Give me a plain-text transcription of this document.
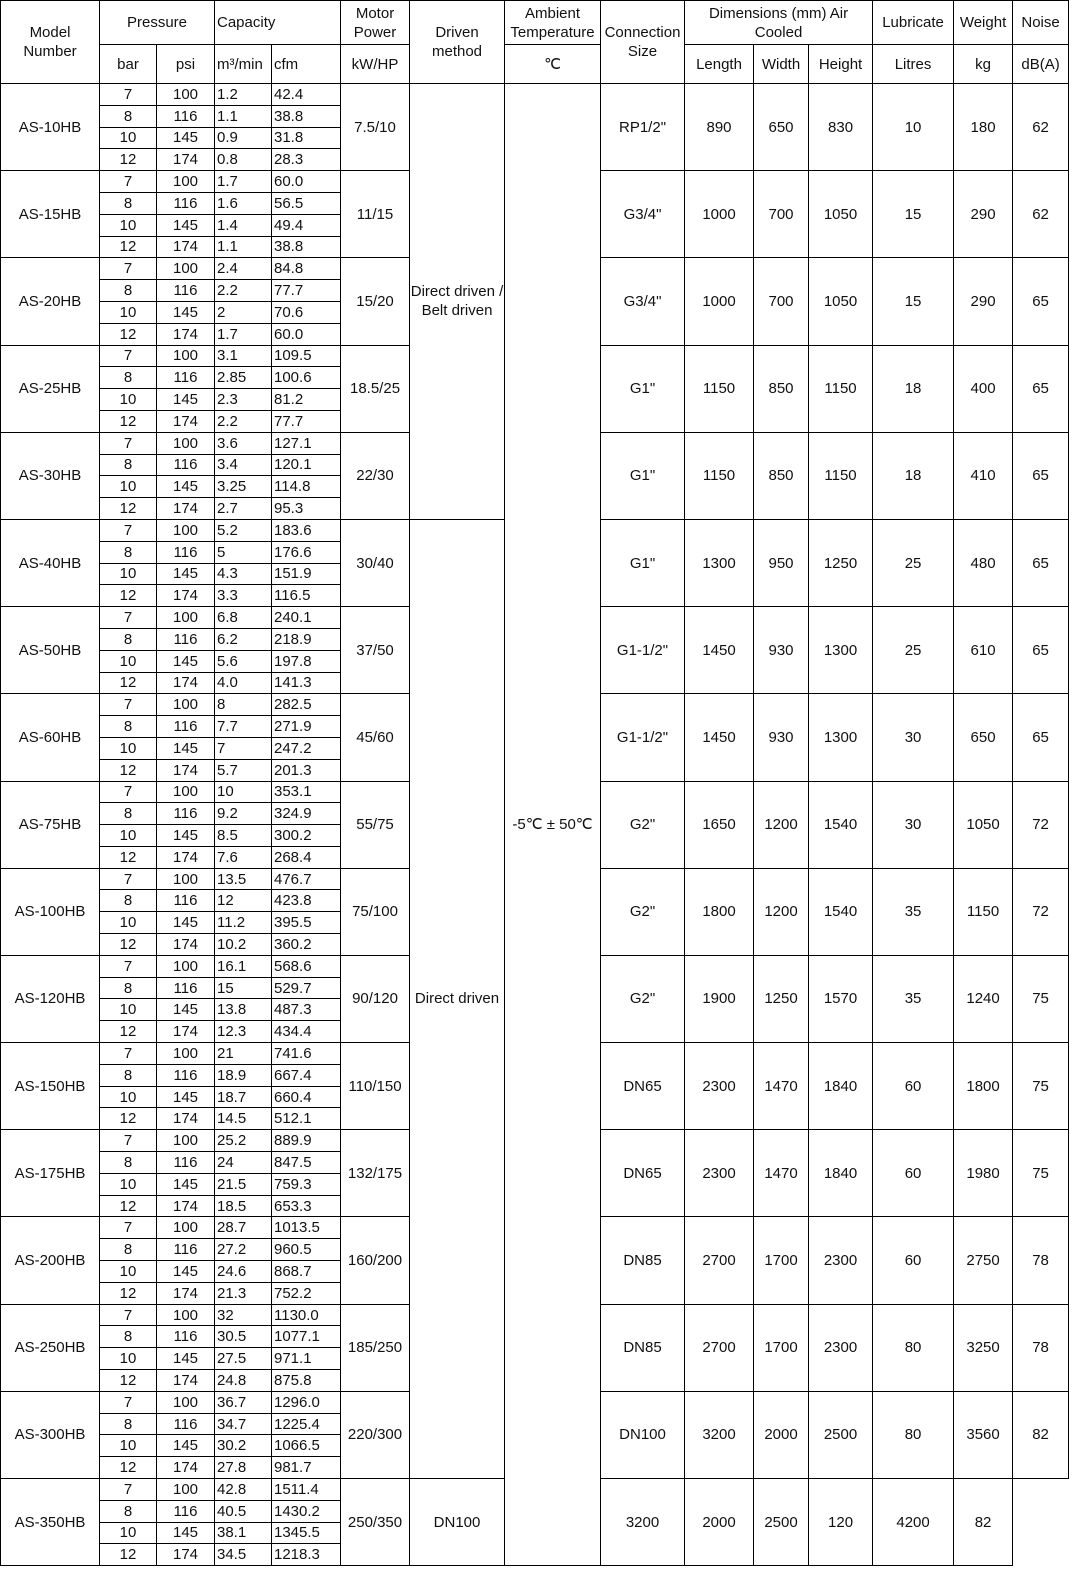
Model Number	Pressure		Capacity		Motor Power	Driven method	Ambient Temperature	Connection Size	Dimensions (mm) Air Cooled			Lubricate	Weight	Noise
	bar	psi	m³/min	cfm	kW/HP		℃		Length	Width	Height	Litres	kg	dB(A)
AS-10HB	7	100	1.2	42.4	7.5/10	Direct driven / Belt driven	-5℃ ± 50℃	RP1/2"	890	650	830	10	180	62
	8	116	1.1	38.8										
	10	145	0.9	31.8										
	12	174	0.8	28.3										
AS-15HB	7	100	1.7	60.0	11/15			G3/4"	1000	700	1050	15	290	62
	8	116	1.6	56.5										
	10	145	1.4	49.4										
	12	174	1.1	38.8										
AS-20HB	7	100	2.4	84.8	15/20			G3/4"	1000	700	1050	15	290	65
	8	116	2.2	77.7										
	10	145	2	70.6										
	12	174	1.7	60.0										
AS-25HB	7	100	3.1	109.5	18.5/25			G1"	1150	850	1150	18	400	65
	8	116	2.85	100.6										
	10	145	2.3	81.2										
	12	174	2.2	77.7										
AS-30HB	7	100	3.6	127.1	22/30			G1"	1150	850	1150	18	410	65
	8	116	3.4	120.1										
	10	145	3.25	114.8										
	12	174	2.7	95.3										
AS-40HB	7	100	5.2	183.6	30/40	Direct driven		G1"	1300	950	1250	25	480	65
	8	116	5	176.6										
	10	145	4.3	151.9										
	12	174	3.3	116.5										
AS-50HB	7	100	6.8	240.1	37/50			G1-1/2"	1450	930	1300	25	610	65
	8	116	6.2	218.9										
	10	145	5.6	197.8										
	12	174	4.0	141.3										
AS-60HB	7	100	8	282.5	45/60			G1-1/2"	1450	930	1300	30	650	65
	8	116	7.7	271.9										
	10	145	7	247.2										
	12	174	5.7	201.3										
AS-75HB	7	100	10	353.1	55/75			G2"	1650	1200	1540	30	1050	72
	8	116	9.2	324.9										
	10	145	8.5	300.2										
	12	174	7.6	268.4										
AS-100HB	7	100	13.5	476.7	75/100			G2"	1800	1200	1540	35	1150	72
	8	116	12	423.8										
	10	145	11.2	395.5										
	12	174	10.2	360.2										
AS-120HB	7	100	16.1	568.6	90/120			G2"	1900	1250	1570	35	1240	75
	8	116	15	529.7										
	10	145	13.8	487.3										
	12	174	12.3	434.4										
AS-150HB	7	100	21	741.6	110/150			DN65	2300	1470	1840	60	1800	75
	8	116	18.9	667.4										
	10	145	18.7	660.4										
	12	174	14.5	512.1										
AS-175HB	7	100	25.2	889.9	132/175			DN65	2300	1470	1840	60	1980	75
	8	116	24	847.5										
	10	145	21.5	759.3										
	12	174	18.5	653.3										
AS-200HB	7	100	28.7	1013.5	160/200			DN85	2700	1700	2300	60	2750	78
	8	116	27.2	960.5										
	10	145	24.6	868.7										
	12	174	21.3	752.2										
AS-250HB	7	100	32	1130.0	185/250			DN85	2700	1700	2300	80	3250	78
	8	116	30.5	1077.1										
	10	145	27.5	971.1										
	12	174	24.8	875.8										
AS-300HB	7	100	36.7	1296.0	220/300			DN100	3200	2000	2500	80	3560	82
	8	116	34.7	1225.4										
	10	145	30.2	1066.5										
	12	174	27.8	981.7										
AS-350HB	7	100	42.8	1511.4	250/350	DN100		3200	2000	2500	120	4200	82	
	8	116	40.5	1430.2										
	10	145	38.1	1345.5										
	12	174	34.5	1218.3										
